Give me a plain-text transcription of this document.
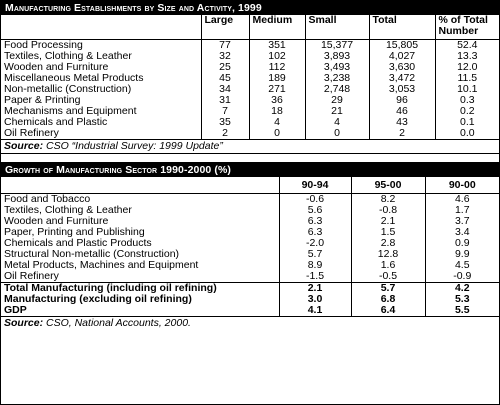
Manufacturing Establishments by Size and Activity, 1999					
	Large	Medium	Small	Total	% of Total Number
Food Processing	77	351	15,377	15,805	52.4
Textiles, Clothing & Leather	32	102	3,893	4,027	13.3
Wooden and Furniture	25	112	3,493	3,630	12.0
Miscellaneous Metal Products	45	189	3,238	3,472	11.5
Non-metallic (Construction)	34	271	2,748	3,053	10.1
Paper & Printing	31	36	29	96	0.3
Mechanisms and Equipment	7	18	21	46	0.2
Chemicals and Plastic	35	4	4	43	0.1
Oil Refinery	2	0	0	2	0.0
Source: CSO “Industrial Survey: 1999 Update”					

Growth of Manufacturing Sector 1990-2000 (%)			
	90-94	95-00	90-00
Food and Tobacco	-0.6	8.2	4.6
Textiles, Clothing & Leather	5.6	-0.8	1.7
Wooden and Furniture	6.3	2.1	3.7
Paper, Printing and Publishing	6.3	1.5	3.4
Chemicals and Plastic Products	-2.0	2.8	0.9
Structural Non-metallic (Construction)	5.7	12.8	9.9
Metal Products, Machines and Equipment	8.9	1.6	4.5
Oil Refinery	-1.5	-0.5	-0.9
Total Manufacturing (including oil refining)	2.1	5.7	4.2
Manufacturing (excluding oil refining)	3.0	6.8	5.3
GDP	4.1	6.4	5.5
Source: CSO, National Accounts, 2000.			
